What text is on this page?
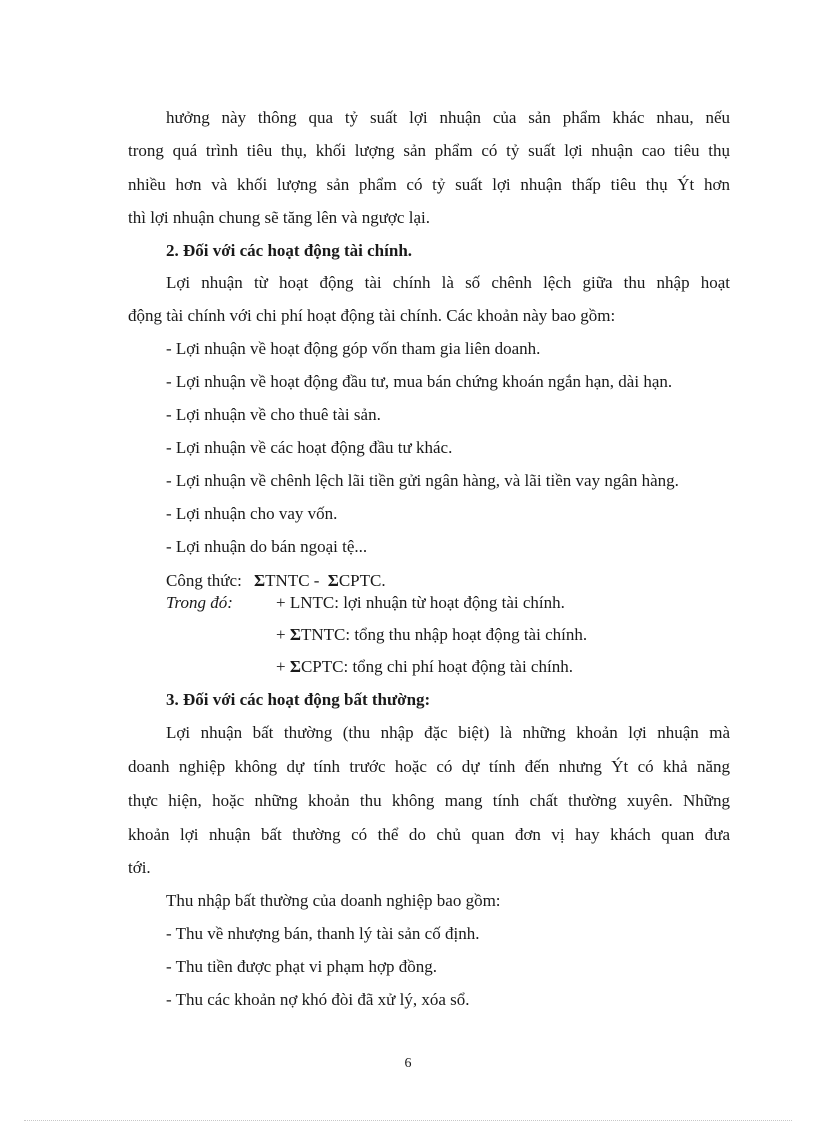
hưởng này thông qua tỷ suất lợi nhuận của sản phẩm khác nhau, nếu
trong quá trình tiêu thụ, khối lượng sản phẩm có tỷ suất lợi nhuận cao tiêu thụ
nhiều hơn và khối lượng sản phẩm có tỷ suất lợi nhuận thấp tiêu thụ Ýt hơn
thì lợi nhuận chung sẽ tăng lên và ngược lại.
2. Đối với các hoạt động tài chính.
Lợi nhuận từ hoạt động tài chính là số chênh lệch giữa thu nhập hoạt
động tài chính với chi phí hoạt động tài chính. Các khoản này bao gồm:
- Lợi nhuận về hoạt động góp vốn tham gia liên doanh.
- Lợi nhuận về hoạt động đầu tư, mua bán chứng khoán ngắn hạn, dài hạn.
- Lợi nhuận về cho thuê tài sản.
- Lợi nhuận về các hoạt động đầu tư khác.
- Lợi nhuận về chênh lệch lãi tiền gửi ngân hàng, và lãi tiền vay ngân hàng.
- Lợi nhuận cho vay vốn.
- Lợi nhuận do bán ngoại tệ...
Công thức: ΣTNTC - ΣCPTC.
Trong đó:	+ LNTC: lợi nhuận từ hoạt động tài chính.
+ ΣTNTC: tổng thu nhập hoạt động tài chính.
+ ΣCPTC: tổng chi phí hoạt động tài chính.
3. Đối với các hoạt động bất thường:
Lợi nhuận bất thường (thu nhập đặc biệt) là những khoản lợi nhuận mà
doanh nghiệp không dự tính trước hoặc có dự tính đến nhưng Ýt có khả năng
thực hiện, hoặc những khoản thu không mang tính chất thường xuyên. Những
khoản lợi nhuận bất thường có thể do chủ quan đơn vị hay khách quan đưa
tới.
Thu nhập bất thường của doanh nghiệp bao gồm:
- Thu về nhượng bán, thanh lý tài sản cố định.
- Thu tiền được phạt vi phạm hợp đồng.
- Thu các khoản nợ khó đòi đã xử lý, xóa sổ.
6
